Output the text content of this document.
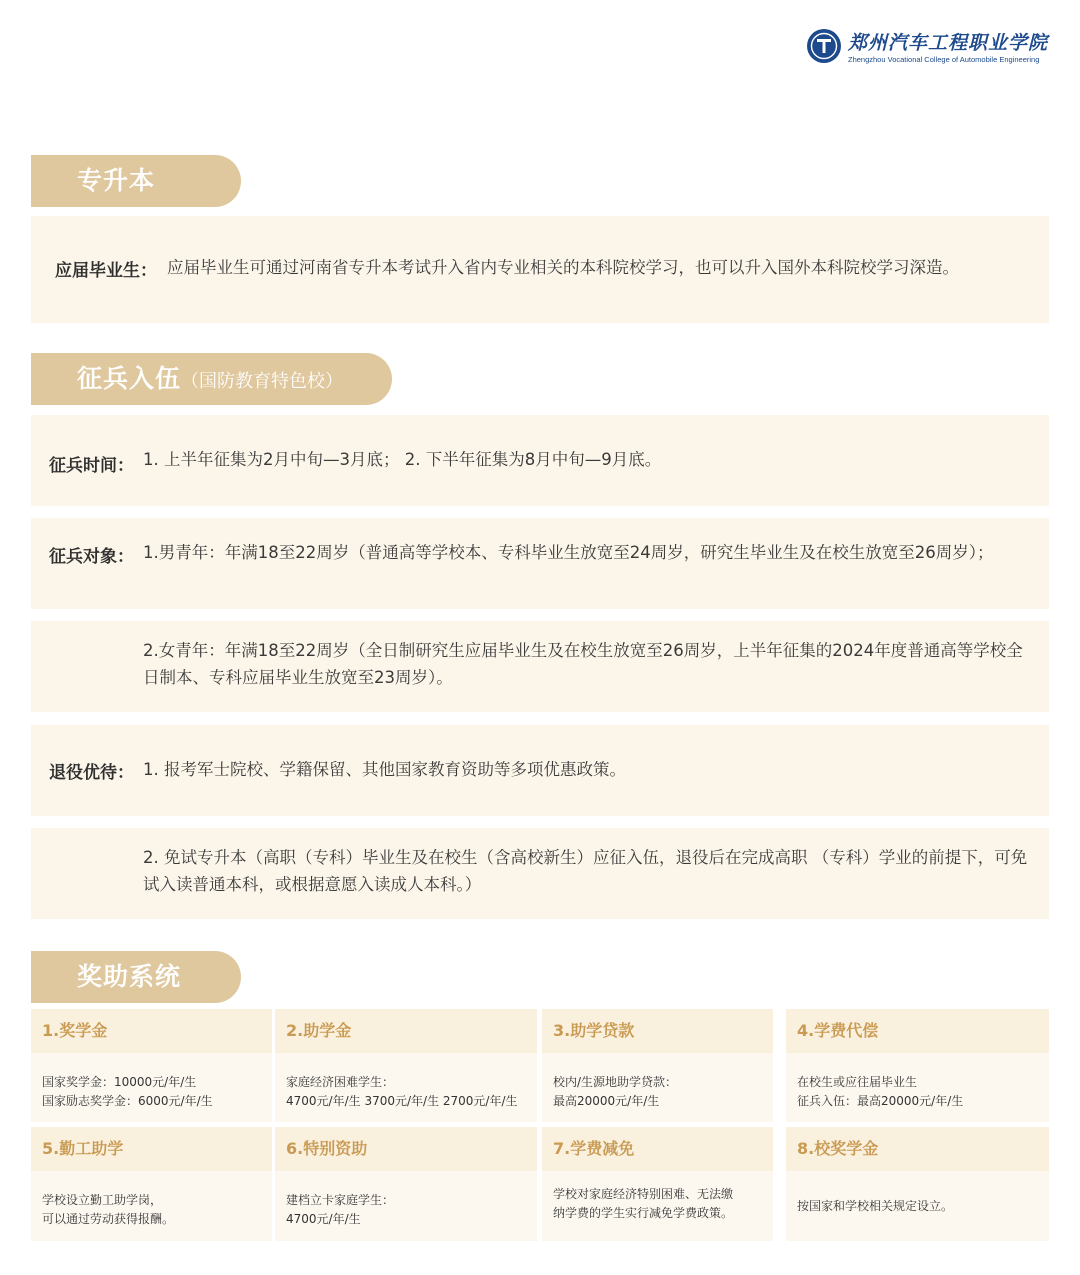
郑州汽车工程职业学院
Zhengzhou Vocational College of Automobile Engineering
专升本
应届毕业生： 应届毕业生可通过河南省专升本考试升入省内专业相关的本科院校学习，也可以升入国外本科院校学习深造。
征兵入伍（国防教育特色校）
征兵时间： 1. 上半年征集为2月中旬—3月底； 2. 下半年征集为8月中旬—9月底。
征兵对象： 1.男青年：年满18至22周岁（普通高等学校本、专科毕业生放宽至24周岁，研究生毕业生及在校生放宽至26周岁）；
2.女青年：年满18至22周岁（全日制研究生应届毕业生及在校生放宽至26周岁，上半年征集的2024年度普通高等学校全日制本、专科应届毕业生放宽至23周岁）。
退役优待： 1. 报考军士院校、学籍保留、其他国家教育资助等多项优惠政策。
2. 免试专升本（高职（专科）毕业生及在校生（含高校新生）应征入伍，退役后在完成高职 （专科）学业的前提下，可免试入读普通本科，或根据意愿入读成人本科。）
奖助系统
1.奖学金
国家奖学金：10000元/年/生
国家励志奖学金：6000元/年/生
2.助学金
家庭经济困难学生：
4700元/年/生 3700元/年/生 2700元/年/生
3.助学贷款
校内/生源地助学贷款：
最高20000元/年/生
4.学费代偿
在校生或应往届毕业生
征兵入伍：最高20000元/年/生
5.勤工助学
学校设立勤工助学岗，
可以通过劳动获得报酬。
6.特别资助
建档立卡家庭学生：
4700元/年/生
7.学费减免
学校对家庭经济特别困难、无法缴
纳学费的学生实行减免学费政策。
8.校奖学金
按国家和学校相关规定设立。
